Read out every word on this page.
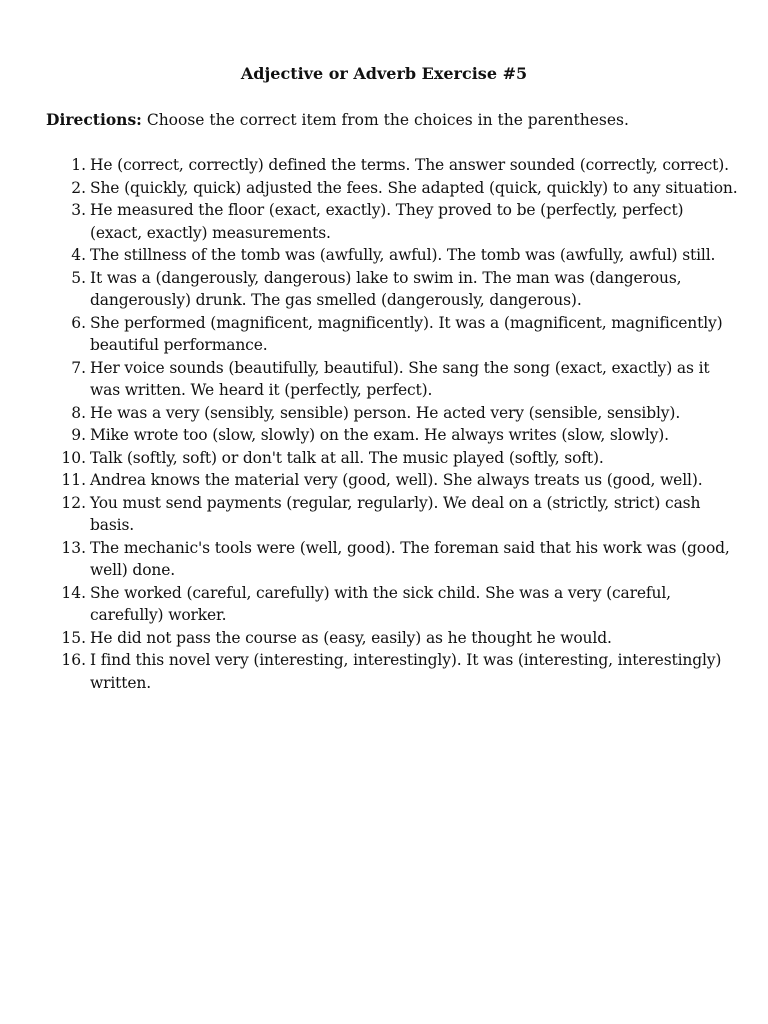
Adjective or Adverb Exercise #5
Directions: Choose the correct item from the choices in the parentheses.
1. He (correct, correctly) defined the terms. The answer sounded (correctly, correct).
2. She (quickly, quick) adjusted the fees. She adapted (quick, quickly) to any situation.
3. He measured the floor (exact, exactly). They proved to be (perfectly, perfect) (exact, exactly) measurements.
4. The stillness of the tomb was (awfully, awful). The tomb was (awfully, awful) still.
5. It was a (dangerously, dangerous) lake to swim in. The man was (dangerous, dangerously) drunk. The gas smelled (dangerously, dangerous).
6. She performed (magnificent, magnificently). It was a (magnificent, magnificently) beautiful performance.
7. Her voice sounds (beautifully, beautiful). She sang the song (exact, exactly) as it was written. We heard it (perfectly, perfect).
8. He was a very (sensibly, sensible) person. He acted very (sensible, sensibly).
9. Mike wrote too (slow, slowly) on the exam. He always writes (slow, slowly).
10. Talk (softly, soft) or don't talk at all. The music played (softly, soft).
11. Andrea knows the material very (good, well). She always treats us (good, well).
12. You must send payments (regular, regularly). We deal on a (strictly, strict) cash basis.
13. The mechanic's tools were (well, good). The foreman said that his work was (good, well) done.
14. She worked (careful, carefully) with the sick child. She was a very (careful, carefully) worker.
15. He did not pass the course as (easy, easily) as he thought he would.
16. I find this novel very (interesting, interestingly). It was (interesting, interestingly) written.
